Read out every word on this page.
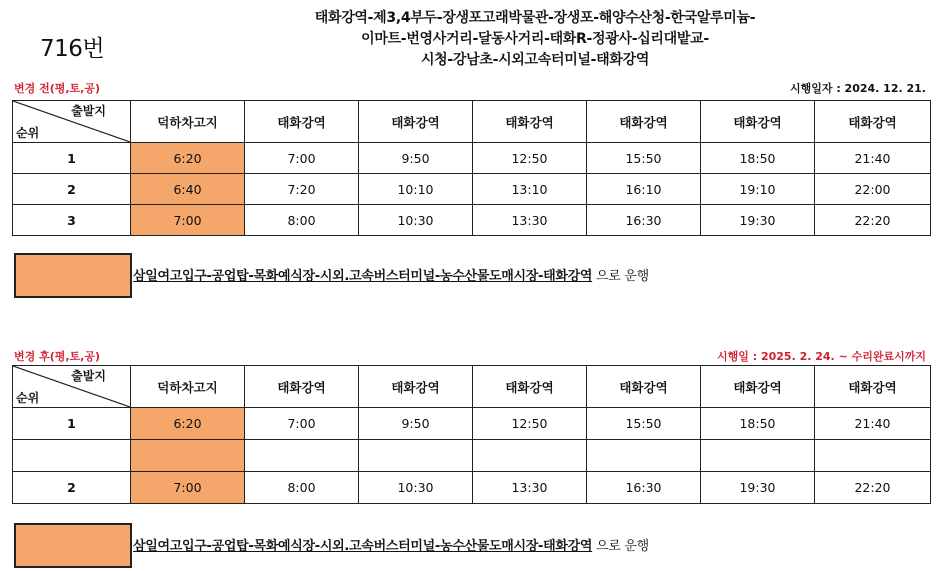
716번
태화강역-제3,4부두-장생포고래박물관-장생포-해양수산청-한국알루미늄-
이마트-번영사거리-달동사거리-태화R-정광사-십리대밭교-
시청-강남초-시외고속터미널-태화강역
변경 전(평,토,공)	시행일자 : 2024. 12. 21.
출발지
순위	덕하차고지	태화강역	태화강역	태화강역	태화강역	태화강역	태화강역
1	6:20	7:00	9:50	12:50	15:50	18:50	21:40
2	6:40	7:20	10:10	13:10	16:10	19:10	22:00
3	7:00	8:00	10:30	13:30	16:30	19:30	22:20
삼일여고입구-공업탑-목화예식장-시외.고속버스터미널-농수산물도매시장-태화강역 으로 운행
변경 후(평,토,공)	시행일 : 2025. 2. 24. ~ 수리완료시까지
출발지
순위	덕하차고지	태화강역	태화강역	태화강역	태화강역	태화강역	태화강역
1	6:20	7:00	9:50	12:50	15:50	18:50	21:40

2	7:00	8:00	10:30	13:30	16:30	19:30	22:20
삼일여고입구-공업탑-목화예식장-시외.고속버스터미널-농수산물도매시장-태화강역 으로 운행
